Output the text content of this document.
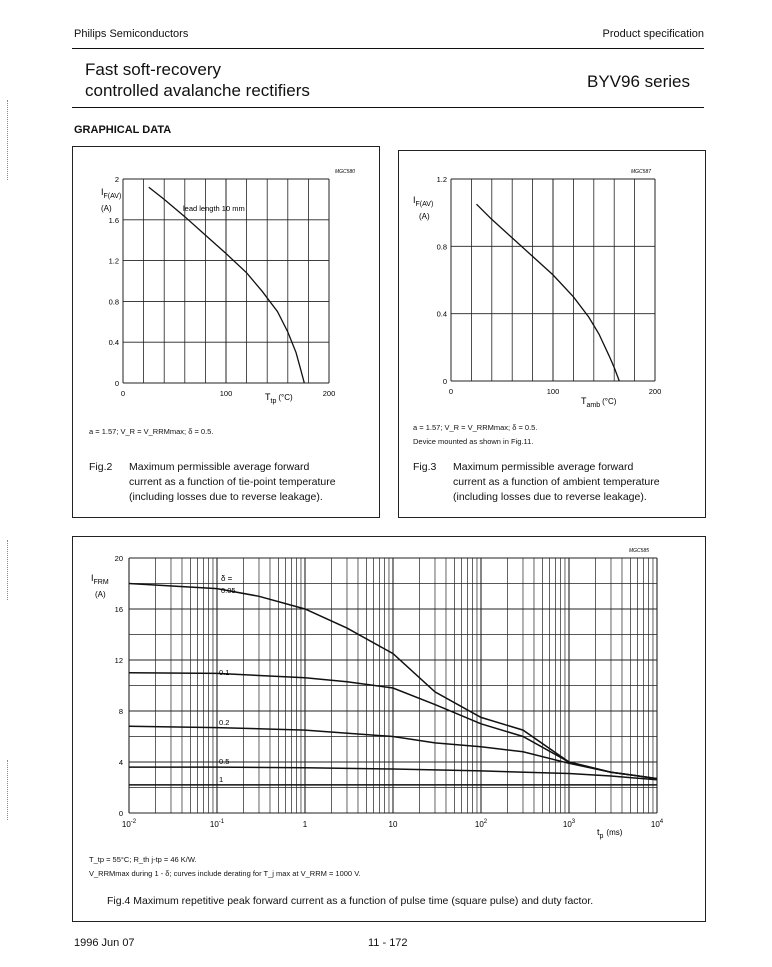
Philips Semiconductors	Product specification
Fast soft-recovery
controlled avalanche rectifiers	BYV96 series
GRAPHICAL DATA
MGC580
$I_{F(AV)}$
(A)
0
0.4
0.8
1.2
1.6
2
0	100	200
lead length 10 mm
$T_{tp}$ (°C)
a = 1.57; V_R = V_RRMmax; δ = 0.5.
Fig.2 Maximum permissible average forward
current as a function of tie-point temperature
(including losses due to reverse leakage).
MGC587
$I_{F(AV)}$
(A)
0
0.4
0.8
1.2
0	100	200
$T_{amb}$ (°C)
a = 1.57; V_R = V_RRMmax; δ = 0.5.
Device mounted as shown in Fig.11.
Fig.3 Maximum permissible average forward
current as a function of ambient temperature
(including losses due to reverse leakage).
MGC585
$I_{FRM}$
(A)
δ =
0
4
8
12
16
20
$10^{-2}$	$10^{-1}$	1	10	$10^2$	$10^3$	$10^4$
0.05
0.1
0.2
0.5
1
$t_p$ (ms)
T_tp = 55°C; R_th j-tp = 46 K/W.
V_RRMmax during 1 - δ; curves include derating for T_j max at V_RRM = 1000 V.
Fig.4 Maximum repetitive peak forward current as a function of pulse time (square pulse) and duty factor.
1996 Jun 07	11 - 172
